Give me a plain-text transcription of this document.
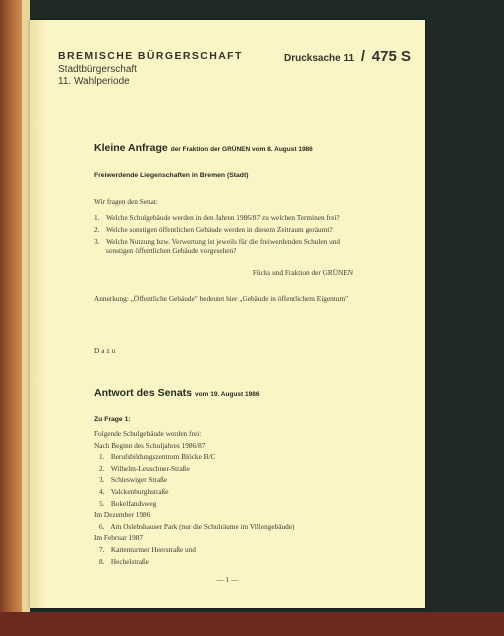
BREMISCHE BÜRGERSCHAFT
Stadtbürgerschaft
11. Wahlperiode
Drucksache 11 / 475 S
Kleine Anfrage der Fraktion der GRÜNEN vom 8. August 1986
Freiwerdende Liegenschaften in Bremen (Stadt)
Wir fragen den Senat:
1. Welche Schulgebäude werden in den Jahren 1986/87 zu welchen Terminen frei?
2. Welche sonstigen öffentlichen Gebäude werden in diesem Zeitraum geräumt?
3. Welche Nutzung bzw. Verwertung ist jeweils für die freiwerdenden Schulen und sonstigen öffentlichen Gebäude vorgesehen?
Fücks und Fraktion der GRÜNEN
Annerkung: „Öffentliche Gebäude" bedeutet hier „Gebäude in öffentlichem Eigentum"
Dazu
Antwort des Senats vom 19. August 1986
Zu Frage 1:
Folgende Schulgebäude werden frei:
Nach Beginn des Schuljahres 1986/87
1. Berufsbildungszentrum Blöcke B/C
2. Wilhelm-Leuschner-Straße
3. Schleswiger Straße
4. Valckenburghstraße
5. Bokelfandsweg
Im Dezember 1986
6. Am Oslebshauser Park (nur die Schulräume im Villengebäude)
Im Februar 1987
7. Kattenturmer Heerstraße und
8. Hechelstraße
— 1 —
